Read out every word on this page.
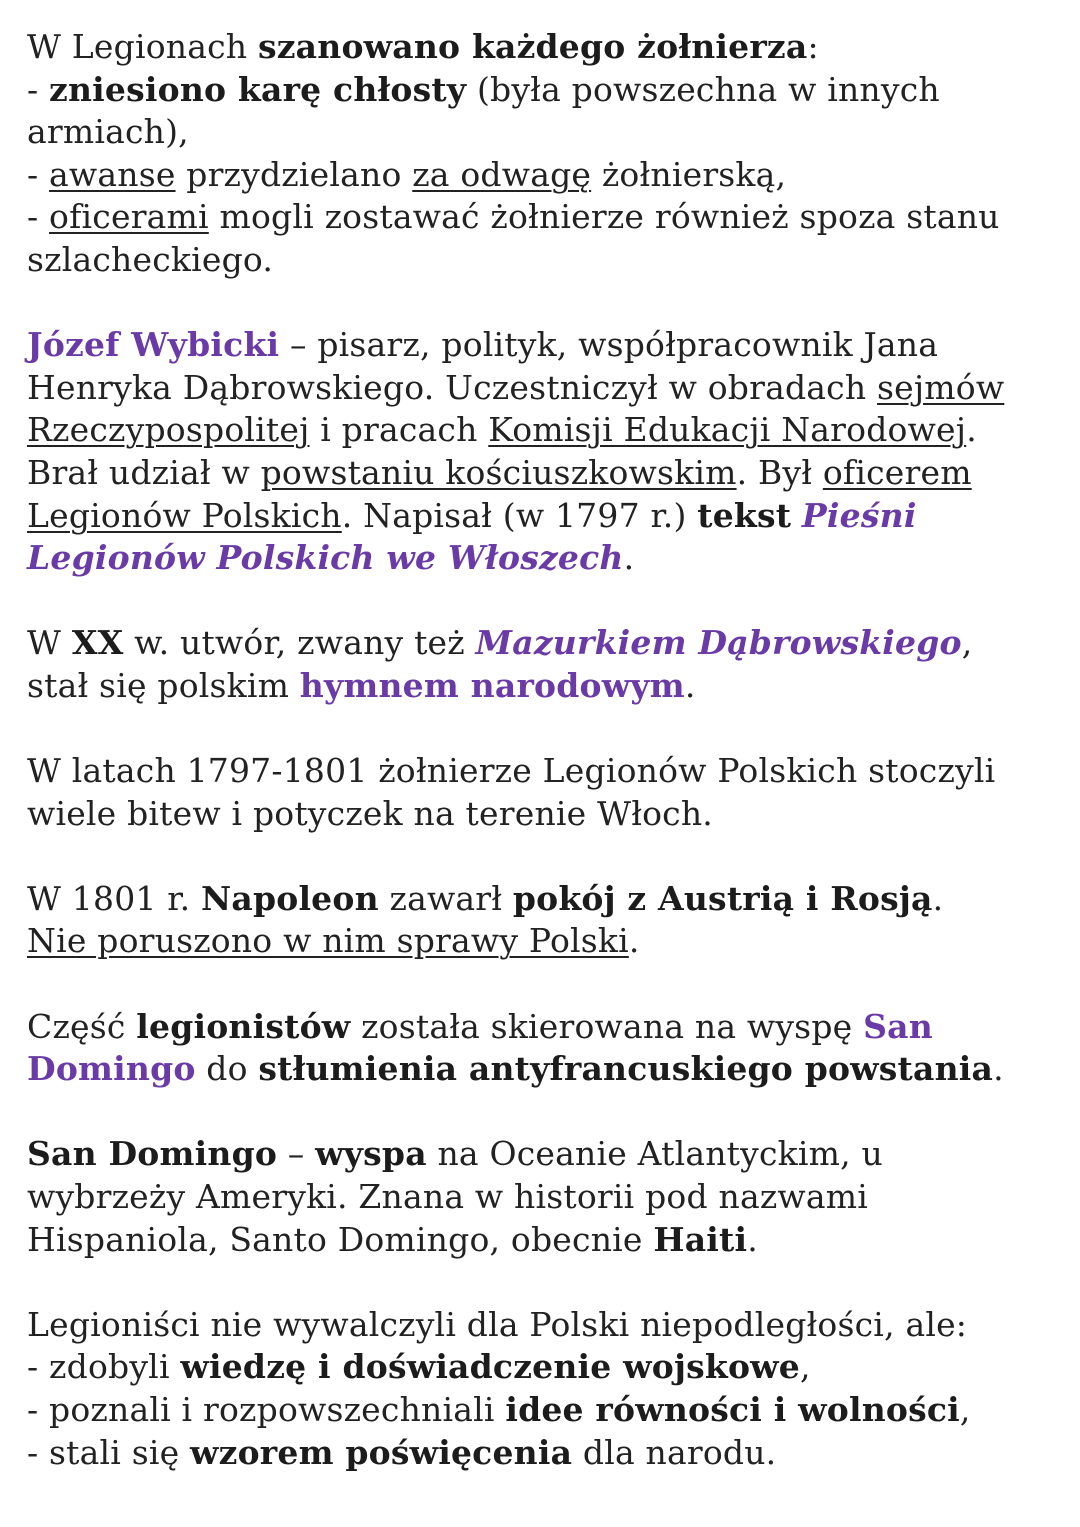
W Legionach szanowano każdego żołnierza:
- zniesiono karę chłosty (była powszechna w innych
armiach),
- awanse przydzielano za odwagę żołnierską,
- oficerami mogli zostawać żołnierze również spoza stanu
szlacheckiego.
Józef Wybicki – pisarz, polityk, współpracownik Jana
Henryka Dąbrowskiego. Uczestniczył w obradach sejmów
Rzeczypospolitej i pracach Komisji Edukacji Narodowej.
Brał udział w powstaniu kościuszkowskim. Był oficerem
Legionów Polskich. Napisał (w 1797 r.) tekst Pieśni
Legionów Polskich we Włoszech.
W XX w. utwór, zwany też Mazurkiem Dąbrowskiego,
stał się polskim hymnem narodowym.
W latach 1797-1801 żołnierze Legionów Polskich stoczyli
wiele bitew i potyczek na terenie Włoch.
W 1801 r. Napoleon zawarł pokój z Austrią i Rosją.
Nie poruszono w nim sprawy Polski.
Część legionistów została skierowana na wyspę San
Domingo do stłumienia antyfrancuskiego powstania.
San Domingo – wyspa na Oceanie Atlantyckim, u
wybrzeży Ameryki. Znana w historii pod nazwami
Hispaniola, Santo Domingo, obecnie Haiti.
Legioniści nie wywalczyli dla Polski niepodległości, ale:
- zdobyli wiedzę i doświadczenie wojskowe,
- poznali i rozpowszechniali idee równości i wolności,
- stali się wzorem poświęcenia dla narodu.
